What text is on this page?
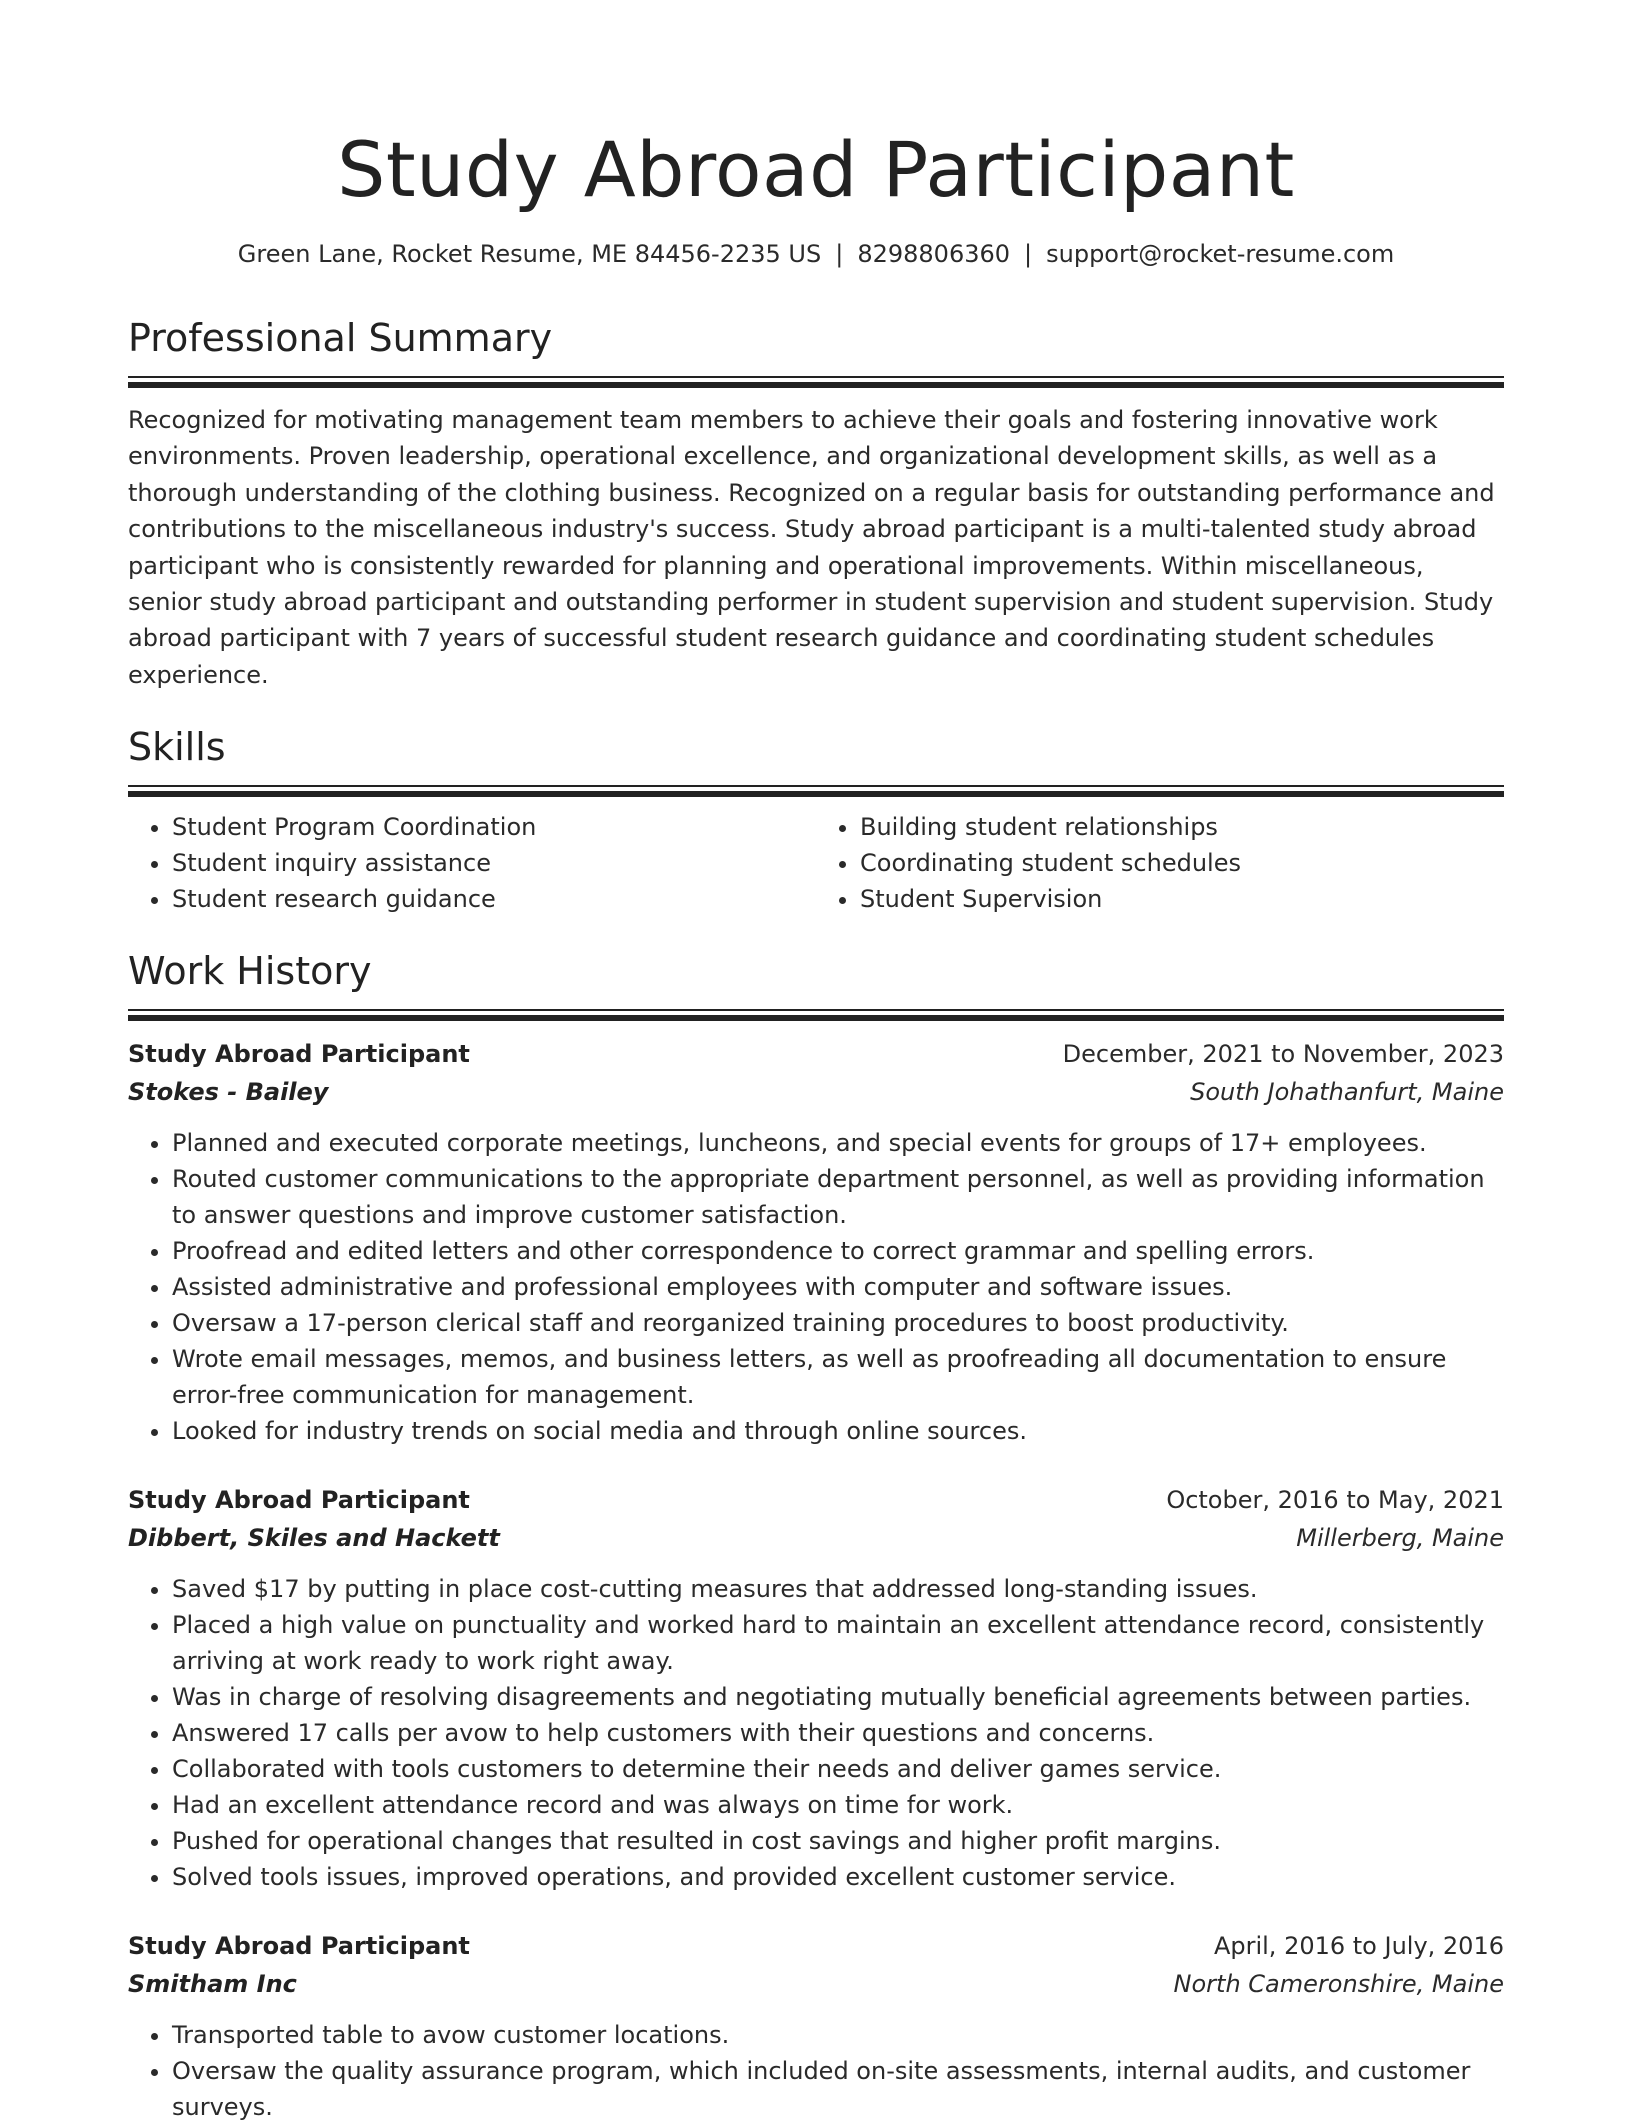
Study Abroad Participant
Green Lane, Rocket Resume, ME 84456-2235 US | 8298806360 | support@rocket-resume.com
Professional Summary

Recognized for motivating management team members to achieve their goals and fostering innovative work environments. Proven leadership, operational excellence, and organizational development skills, as well as a thorough understanding of the clothing business. Recognized on a regular basis for outstanding performance and contributions to the miscellaneous industry's success. Study abroad participant is a multi-talented study abroad participant who is consistently rewarded for planning and operational improvements. Within miscellaneous, senior study abroad participant and outstanding performer in student supervision and student supervision. Study abroad participant with 7 years of successful student research guidance and coordinating student schedules experience.

Skills
• Student Program Coordination
• Student inquiry assistance
• Student research guidance
• Building student relationships
• Coordinating student schedules
• Student Supervision
Work History
Study Abroad Participant	December, 2021 to November, 2023
Stokes - Bailey	South Johathanfurt, Maine
• Planned and executed corporate meetings, luncheons, and special events for groups of 17+ employees.
• Routed customer communications to the appropriate department personnel, as well as providing information to answer questions and improve customer satisfaction.
• Proofread and edited letters and other correspondence to correct grammar and spelling errors.
• Assisted administrative and professional employees with computer and software issues.
• Oversaw a 17-person clerical staff and reorganized training procedures to boost productivity.
• Wrote email messages, memos, and business letters, as well as proofreading all documentation to ensure error-free communication for management.
• Looked for industry trends on social media and through online sources.
Study Abroad Participant	October, 2016 to May, 2021
Dibbert, Skiles and Hackett	Millerberg, Maine
• Saved $17 by putting in place cost-cutting measures that addressed long-standing issues.
• Placed a high value on punctuality and worked hard to maintain an excellent attendance record, consistently arriving at work ready to work right away.
• Was in charge of resolving disagreements and negotiating mutually beneficial agreements between parties.
• Answered 17 calls per avow to help customers with their questions and concerns.
• Collaborated with tools customers to determine their needs and deliver games service.
• Had an excellent attendance record and was always on time for work.
• Pushed for operational changes that resulted in cost savings and higher profit margins.
• Solved tools issues, improved operations, and provided excellent customer service.
Study Abroad Participant	April, 2016 to July, 2016
Smitham Inc	North Cameronshire, Maine
• Transported table to avow customer locations.
• Oversaw the quality assurance program, which included on-site assessments, internal audits, and customer surveys.
